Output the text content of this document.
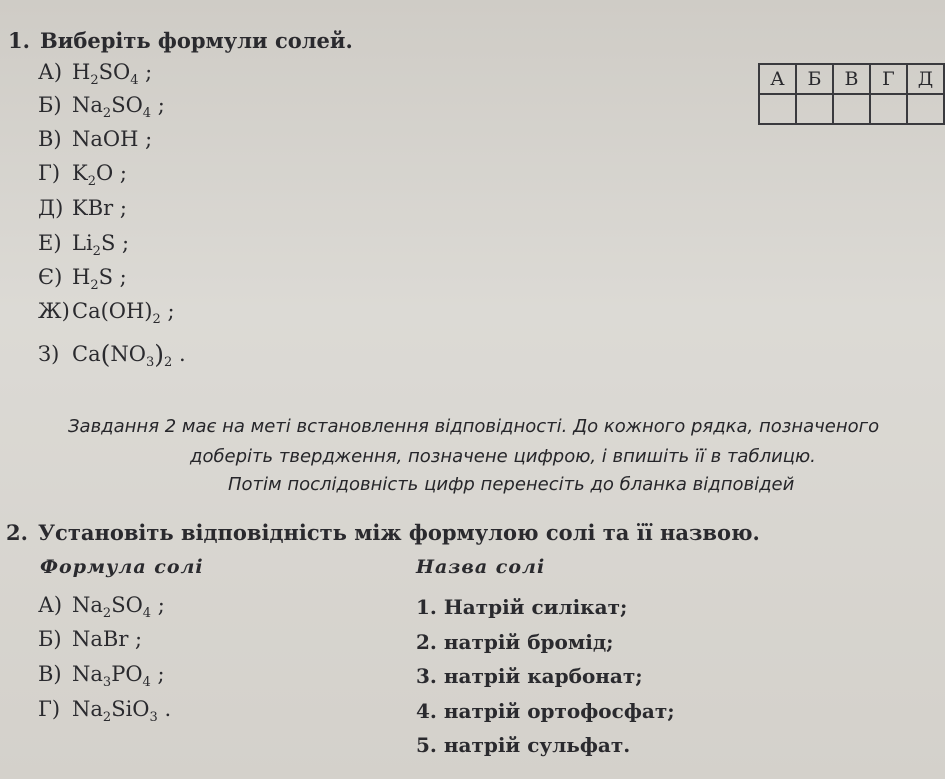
1. Виберіть формули солей.
А) $H_2SO_4$ ;
Б) $Na_2SO_4$ ;
В) NaOH ;
Г) $K_2O$ ;
Д) KBr ;
Е) $Li_2S$ ;
Є) $H_2S$ ;
Ж) $Ca(OH)_2$ ;
З) $Ca(NO_3)_2$ .
А	Б	В	Г	Д

Завдання 2 має на меті встановлення відповідності. До кожного рядка, позначеного
доберіть твердження, позначене цифрою, і впишіть її в таблицю.
Потім послідовність цифр перенесіть до бланка відповідей
2. Установіть відповідність між формулою солі та її назвою.
Формула солі	Назва солі
А) $Na_2SO_4$ ;
Б) NaBr ;
В) $Na_3PO_4$ ;
Г) $Na_2SiO_3$ .
1. Натрій силікат;
2. натрій бромід;
3. натрій карбонат;
4. натрій ортофосфат;
5. натрій сульфат.
